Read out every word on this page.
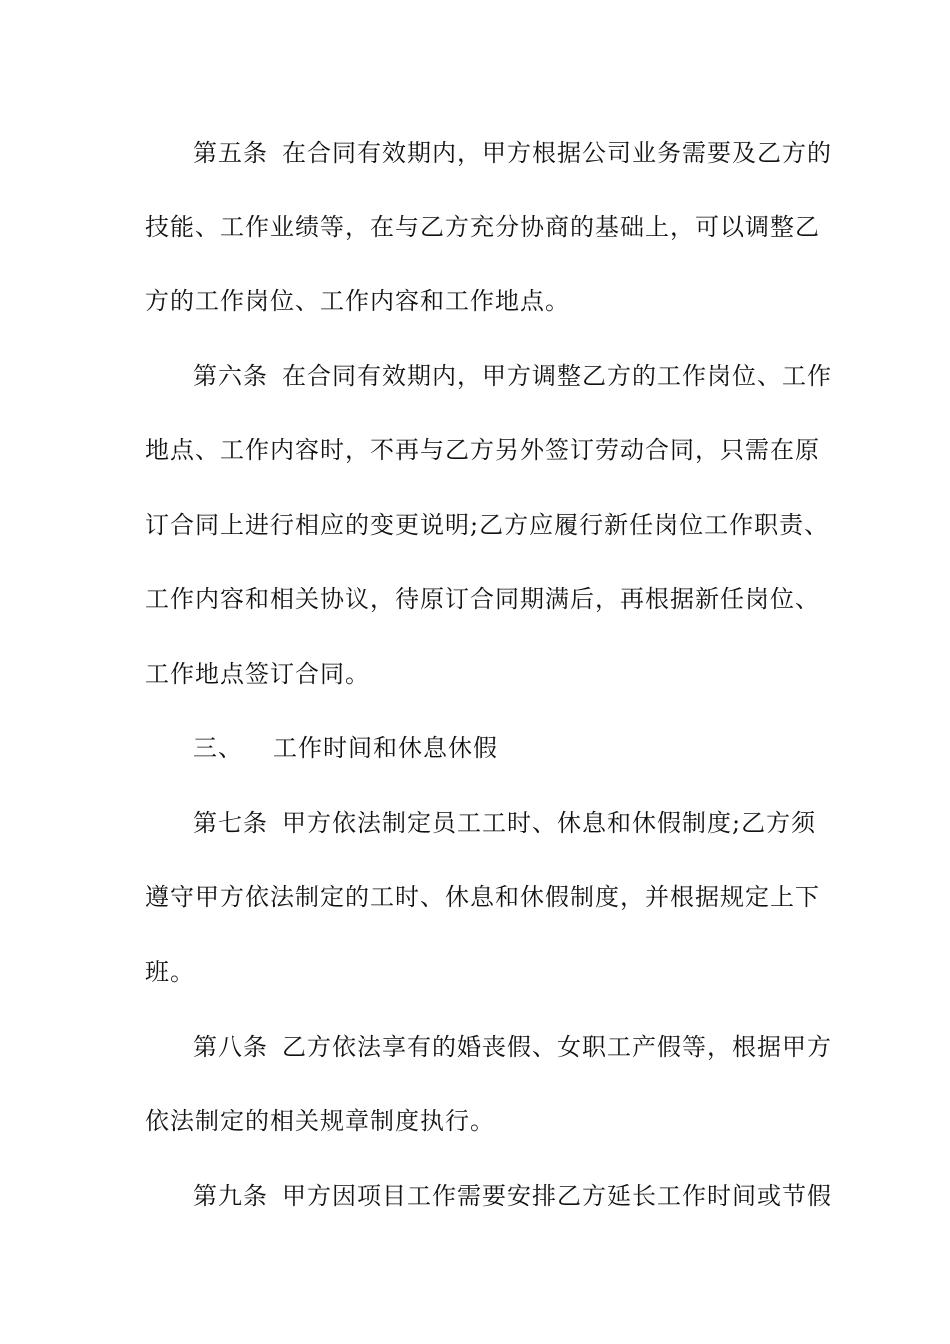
第五条 在合同有效期内，甲方根据公司业务需要及乙方的
技能、工作业绩等，在与乙方充分协商的基础上，可以调整乙
方的工作岗位、工作内容和工作地点。
第六条 在合同有效期内，甲方调整乙方的工作岗位、工作
地点、工作内容时，不再与乙方另外签订劳动合同，只需在原
订合同上进行相应的变更说明;乙方应履行新任岗位工作职责、
工作内容和相关协议，待原订合同期满后，再根据新任岗位、
工作地点签订合同。
三、 工作时间和休息休假
第七条 甲方依法制定员工工时、休息和休假制度;乙方须
遵守甲方依法制定的工时、休息和休假制度，并根据规定上下
班。
第八条 乙方依法享有的婚丧假、女职工产假等，根据甲方
依法制定的相关规章制度执行。
第九条 甲方因项目工作需要安排乙方延长工作时间或节假
